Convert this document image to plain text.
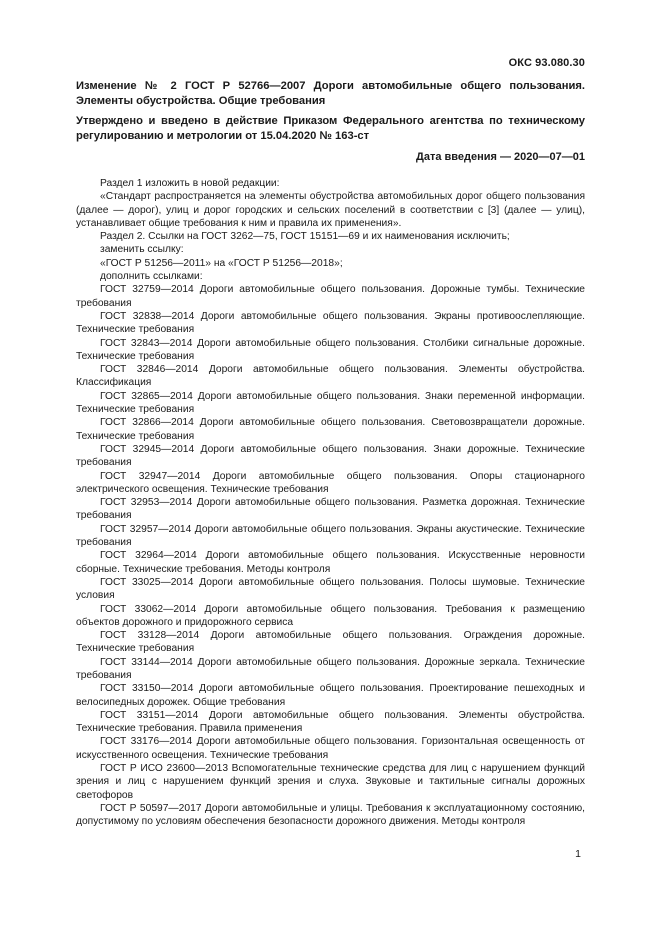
ОКС 93.080.30

Изменение № 2 ГОСТ Р 52766—2007 Дороги автомобильные общего пользования. Элементы обустройства. Общие требования

Утверждено и введено в действие Приказом Федерального агентства по техническому регулированию и метрологии от 15.04.2020 № 163-ст

Дата введения — 2020—07—01

Раздел 1 изложить в новой редакции:

«Стандарт распространяется на элементы обустройства автомобильных дорог общего пользования (далее — дорог), улиц и дорог городских и сельских поселений в соответствии с [3] (далее — улиц), устанавливает общие требования к ним и правила их применения».

Раздел 2. Ссылки на ГОСТ 3262—75, ГОСТ 15151—69 и их наименования исключить;

заменить ссылку:

«ГОСТ Р 51256—2011» на «ГОСТ Р 51256—2018»;

дополнить ссылками:

ГОСТ 32759—2014 Дороги автомобильные общего пользования. Дорожные тумбы. Технические требования

ГОСТ 32838—2014 Дороги автомобильные общего пользования. Экраны противоослепляющие. Технические требования

ГОСТ 32843—2014 Дороги автомобильные общего пользования. Столбики сигнальные дорожные. Технические требования

ГОСТ 32846—2014 Дороги автомобильные общего пользования. Элементы обустройства. Классификация

ГОСТ 32865—2014 Дороги автомобильные общего пользования. Знаки переменной информации. Технические требования

ГОСТ 32866—2014 Дороги автомобильные общего пользования. Световозвращатели дорожные. Технические требования

ГОСТ 32945—2014 Дороги автомобильные общего пользования. Знаки дорожные. Технические требования

ГОСТ 32947—2014 Дороги автомобильные общего пользования. Опоры стационарного электрического освещения. Технические требования

ГОСТ 32953—2014 Дороги автомобильные общего пользования. Разметка дорожная. Технические требования

ГОСТ 32957—2014 Дороги автомобильные общего пользования. Экраны акустические. Технические требования

ГОСТ 32964—2014 Дороги автомобильные общего пользования. Искусственные неровности сборные. Технические требования. Методы контроля

ГОСТ 33025—2014 Дороги автомобильные общего пользования. Полосы шумовые. Технические условия

ГОСТ 33062—2014 Дороги автомобильные общего пользования. Требования к размещению объектов дорожного и придорожного сервиса

ГОСТ 33128—2014 Дороги автомобильные общего пользования. Ограждения дорожные. Технические требования

ГОСТ 33144—2014 Дороги автомобильные общего пользования. Дорожные зеркала. Технические требования

ГОСТ 33150—2014 Дороги автомобильные общего пользования. Проектирование пешеходных и велосипедных дорожек. Общие требования

ГОСТ 33151—2014 Дороги автомобильные общего пользования. Элементы обустройства. Технические требования. Правила применения

ГОСТ 33176—2014 Дороги автомобильные общего пользования. Горизонтальная освещенность от искусственного освещения. Технические требования

ГОСТ Р ИСО 23600—2013 Вспомогательные технические средства для лиц с нарушением функций зрения и лиц с нарушением функций зрения и слуха. Звуковые и тактильные сигналы дорожных светофоров

ГОСТ Р 50597—2017 Дороги автомобильные и улицы. Требования к эксплуатационному состоянию, допустимому по условиям обеспечения безопасности дорожного движения. Методы контроля

1
